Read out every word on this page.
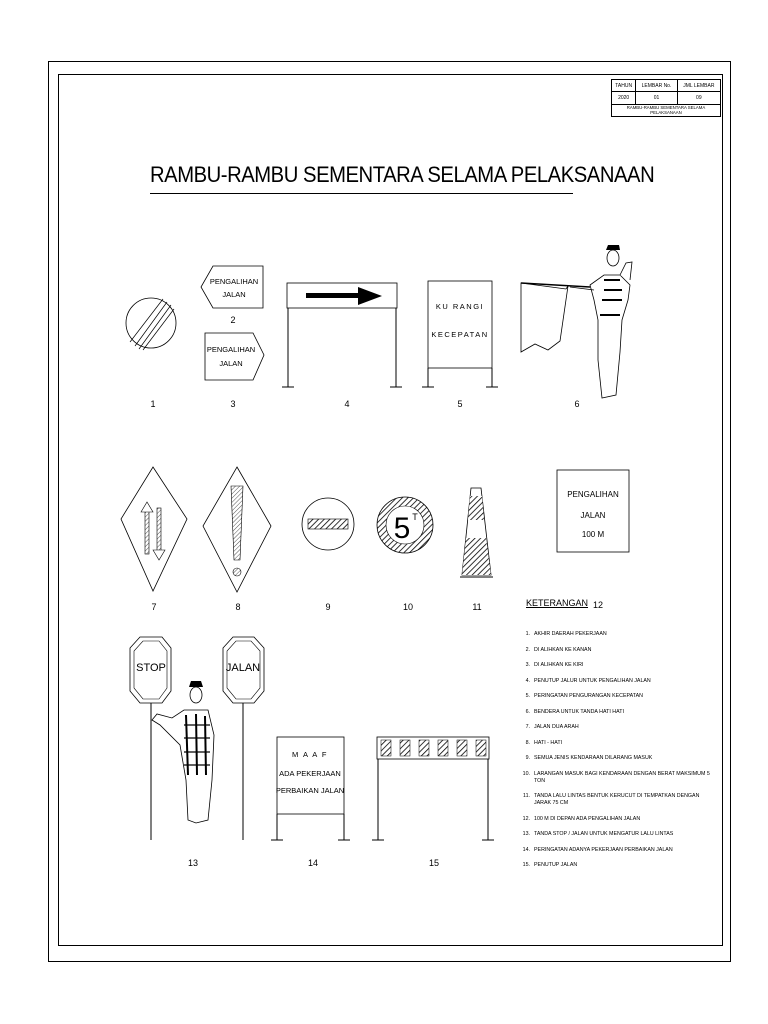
TAHUN	LEMBAR No.	JML LEMBAR
2020	01	09
RAMBU-RAMBU SEMENTARA SELAMA PELAKSANAAN		
RAMBU-RAMBU SEMENTARA SELAMA PELAKSANAAN
PENGALIHAN
JALAN
PENGALIHAN
JALAN
KU RANGI
KECEPATAN
5 T
PENGALIHAN
JALAN
100 M
STOP	JALAN
M A A F
ADA PEKERJAAN
PERBAIKAN JALAN
1
2
3	4	5	6
7	8	9	10	11
13	14	15
KETERANGAN 12
1. AKHIR DAERAH PEKERJAAN
2. DI ALIHKAN KE KANAN
3. DI ALIHKAN KE KIRI
4. PENUTUP JALUR UNTUK PENGALIHAN JALAN
5. PERINGATAN PENGURANGAN KECEPATAN
6. BENDERA UNTUK TANDA HATI HATI
7. JALAN DUA ARAH
8. HATI - HATI
9. SEMUA JENIS KENDARAAN DILARANG MASUK
10. LARANGAN MASUK BAGI KENDARAAN DENGAN BERAT MAKSIMUM 5 TON
11. TANDA LALU LINTAS BENTUK KERUCUT DI TEMPATKAN DENGAN JARAK 75 CM
12. 100 M DI DEPAN ADA PENGALIHAN JALAN
13. TANDA STOP / JALAN UNTUK MENGATUR LALU LINTAS
14. PERINGATAN ADANYA PEKERJAAN PERBAIKAN JALAN
15. PENUTUP JALAN
